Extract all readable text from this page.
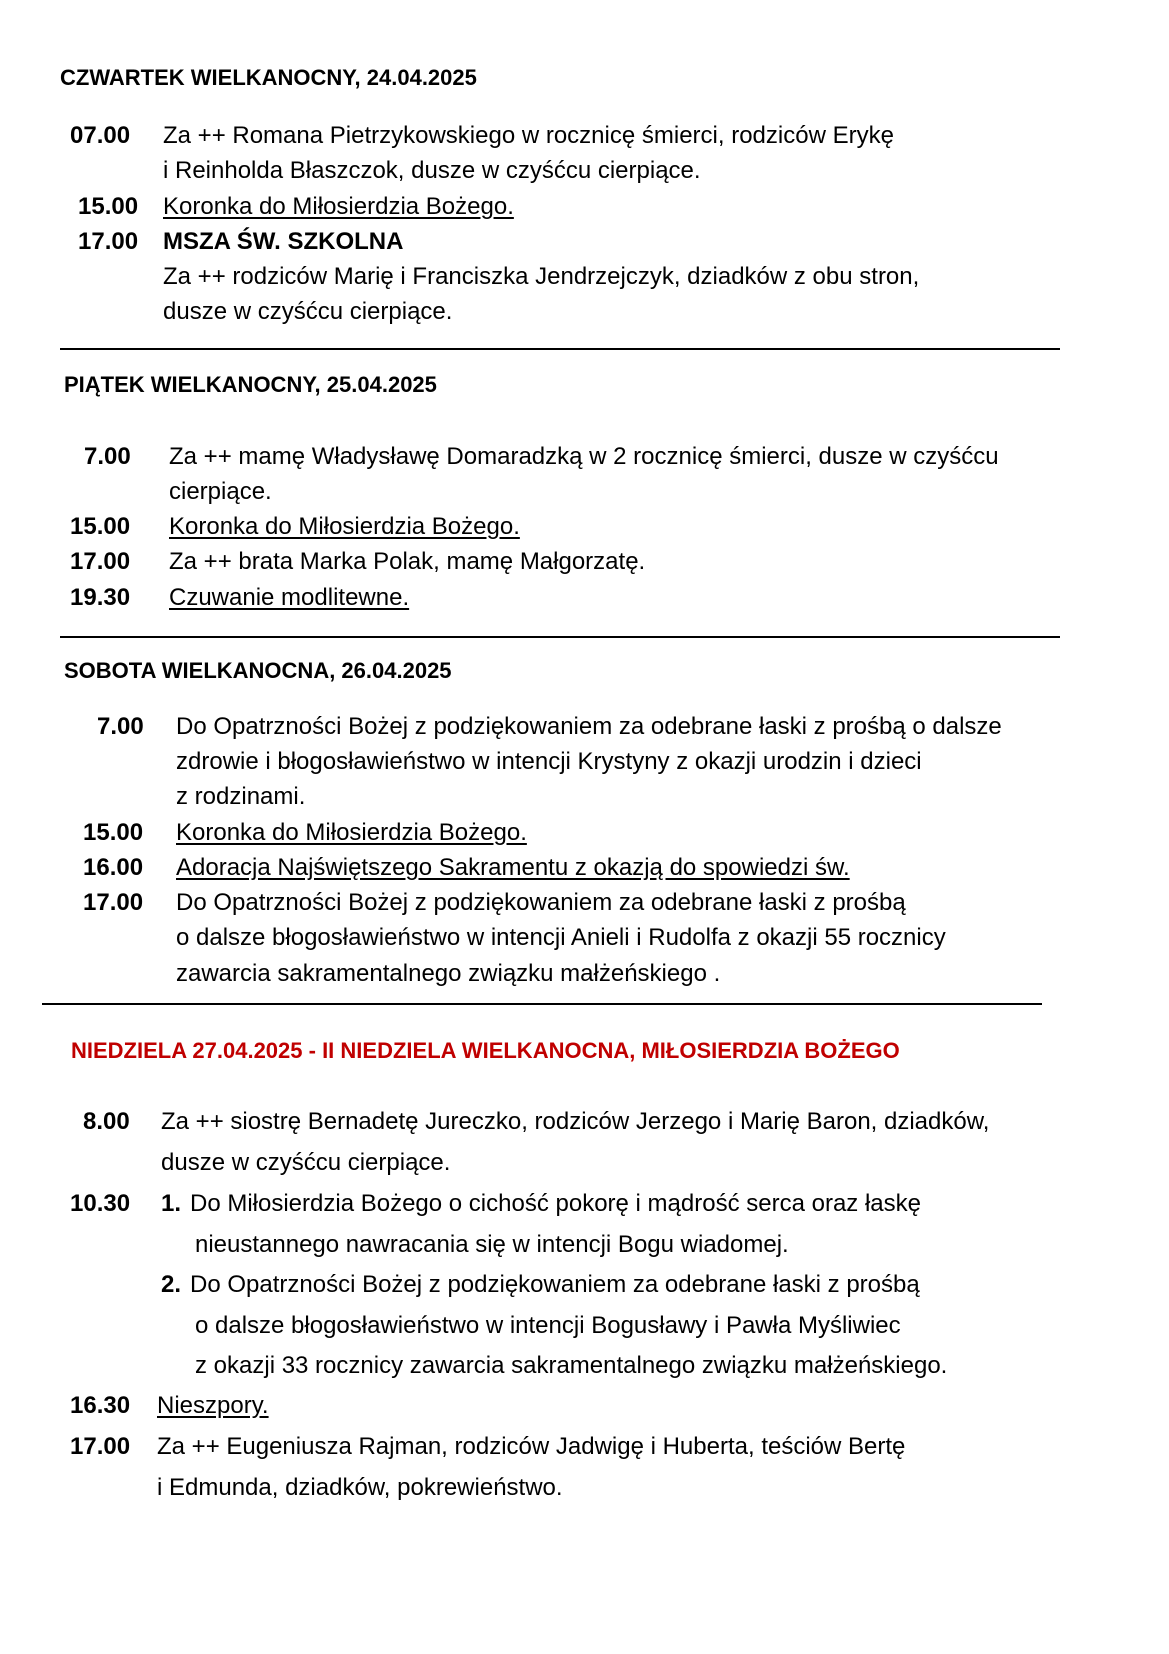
CZWARTEK WIELKANOCNY, 24.04.2025
07.00 Za ++ Romana Pietrzykowskiego w rocznicę śmierci, rodziców Erykę
i Reinholda Błaszczok, dusze w czyśćcu cierpiące.
15.00 Koronka do Miłosierdzia Bożego.
17.00 MSZA ŚW. SZKOLNA
Za ++ rodziców Marię i Franciszka Jendrzejczyk, dziadków z obu stron,
dusze w czyśćcu cierpiące.
PIĄTEK WIELKANOCNY, 25.04.2025
7.00 Za ++ mamę Władysławę Domaradzką w 2 rocznicę śmierci, dusze w czyśćcu
cierpiące.
15.00 Koronka do Miłosierdzia Bożego.
17.00 Za ++ brata Marka Polak, mamę Małgorzatę.
19.30 Czuwanie modlitewne.
SOBOTA WIELKANOCNA, 26.04.2025
7.00 Do Opatrzności Bożej z podziękowaniem za odebrane łaski z prośbą o dalsze
zdrowie i błogosławieństwo w intencji Krystyny z okazji urodzin i dzieci
z rodzinami.
15.00 Koronka do Miłosierdzia Bożego.
16.00 Adoracja Najświętszego Sakramentu z okazją do spowiedzi św.
17.00 Do Opatrzności Bożej z podziękowaniem za odebrane łaski z prośbą
o dalsze błogosławieństwo w intencji Anieli i Rudolfa z okazji 55 rocznicy
zawarcia sakramentalnego związku małżeńskiego .
NIEDZIELA 27.04.2025 - II NIEDZIELA WIELKANOCNA, MIŁOSIERDZIA BOŻEGO
8.00 Za ++ siostrę Bernadetę Jureczko, rodziców Jerzego i Marię Baron, dziadków,
dusze w czyśćcu cierpiące.
10.30 1. Do Miłosierdzia Bożego o cichość pokorę i mądrość serca oraz łaskę
nieustannego nawracania się w intencji Bogu wiadomej.
2. Do Opatrzności Bożej z podziękowaniem za odebrane łaski z prośbą
o dalsze błogosławieństwo w intencji Bogusławy i Pawła Myśliwiec
z okazji 33 rocznicy zawarcia sakramentalnego związku małżeńskiego.
16.30 Nieszpory.
17.00 Za ++ Eugeniusza Rajman, rodziców Jadwigę i Huberta, teściów Bertę
i Edmunda, dziadków, pokrewieństwo.
